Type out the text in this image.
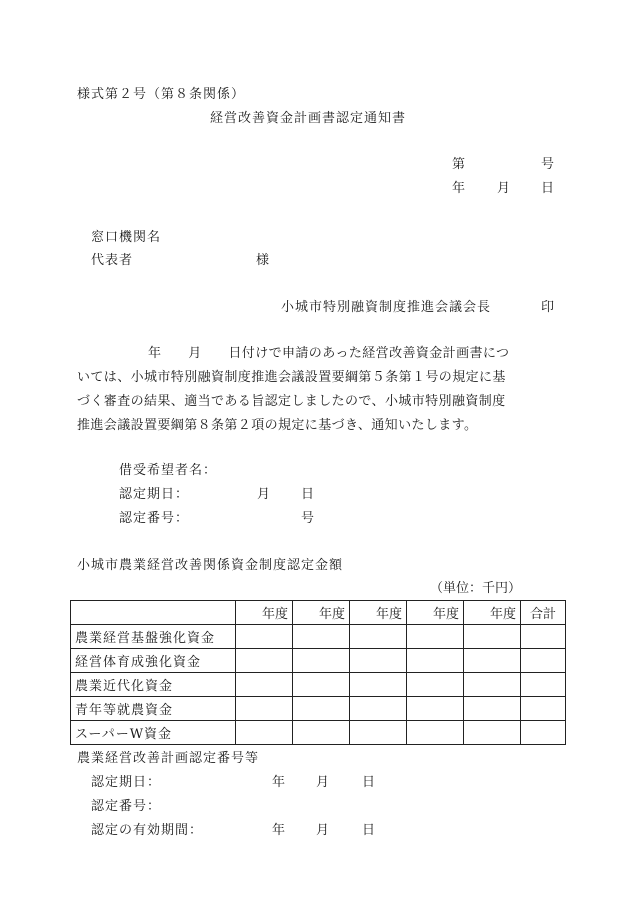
様式第２号（第８条関係）
経営改善資金計画書認定通知書
第	号
年 月 日
窓口機関名
代表者	様
小城市特別融資制度推進会議会長	印
年　　月　　日付けで申請のあった経営改善資金計画書につ
いては、小城市特別融資制度推進会議設置要綱第５条第１号の規定に基
づく審査の結果、適当である旨認定しましたので、小城市特別融資制度
推進会議設置要綱第８条第２項の規定に基づき、通知いたします。
借受希望者名：
認定期日：	月 日
認定番号：	号
小城市農業経営改善関係資金制度認定金額
（単位：千円）
	年度	年度	年度	年度	年度	合計
農業経営基盤強化資金						
経営体育成強化資金						
農業近代化資金						
青年等就農資金						
スーパーW資金						
農業経営改善計画認定番号等
認定期日：	年 月	日
認定番号：
認定の有効期間：	年 月	日
